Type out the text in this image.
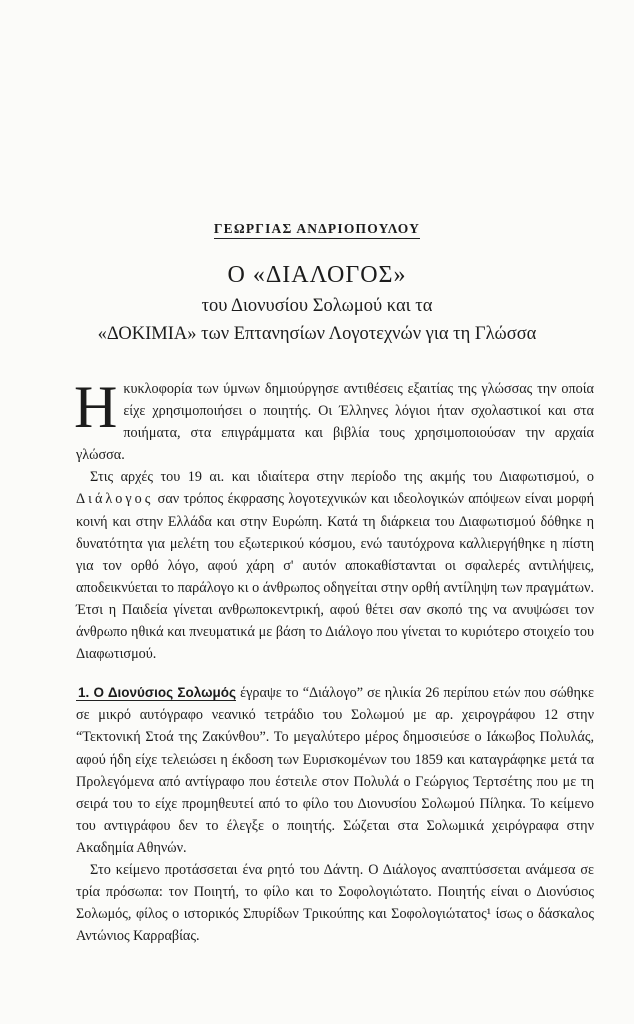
ΓΕΩΡΓΙΑΣ ΑΝΔΡΙΟΠΟΥΛΟΥ
Ο «ΔΙΑΛΟΓΟΣ»
του Διονυσίου Σολωμού και τα
«ΔΟΚΙΜΙΑ» των Επτανησίων Λογοτεχνών για τη Γλώσσα

Ηκυκλοφορία των ύμνων δημιούργησε αντιθέσεις εξαιτίας της γλώσσας την οποία είχε χρησιμοποιήσει ο ποιητής. Οι Έλληνες λόγιοι ήταν σχολαστικοί και στα ποιήματα, στα επιγράμματα και βιβλία τους χρησιμοποιούσαν την αρχαία γλώσσα.

Στις αρχές του 19 αι. και ιδιαίτερα στην περίοδο της ακμής του Διαφωτισμού, ο Διάλογος σαν τρόπος έκφρασης λογοτεχνικών και ιδεολογικών απόψεων είναι μορφή κοινή και στην Ελλάδα και στην Ευρώπη. Κατά τη διάρκεια του Διαφωτισμού δόθηκε η δυνατότητα για μελέτη του εξωτερικού κόσμου, ενώ ταυτόχρονα καλλιεργήθηκε η πίστη για τον ορθό λόγο, αφού χάρη σ' αυτόν αποκαθίστανται οι σφαλερές αντιλήψεις, αποδεικνύεται το παράλογο κι ο άνθρωπος οδηγείται στην ορθή αντίληψη των πραγμάτων. Έτσι η Παιδεία γίνεται ανθρωποκεντρική, αφού θέτει σαν σκοπό της να ανυψώσει τον άνθρωπο ηθικά και πνευματικά με βάση το Διάλογο που γίνεται το κυριότερο στοιχείο του Διαφωτισμού.

1. Ο Διονύσιος Σολωμός έγραψε το “Διάλογο” σε ηλικία 26 περίπου ετών που σώθηκε σε μικρό αυτόγραφο νεανικό τετράδιο του Σολωμού με αρ. χειρογράφου 12 στην “Τεκτονική Στοά της Ζακύνθου”. Το μεγαλύτερο μέρος δημοσιεύσε ο Ιάκωβος Πολυλάς, αφού ήδη είχε τελειώσει η έκδοση των Ευρισκομένων του 1859 και καταγράφηκε μετά τα Προλεγόμενα από αντίγραφο που έστειλε στον Πολυλά ο Γεώργιος Τερτσέτης που με τη σειρά του το είχε προμηθευτεί από το φίλο του Διονυσίου Σολωμού Πίληκα. Το κείμενο του αντιγράφου δεν το έλεγξε ο ποιητής. Σώζεται στα Σολωμικά χειρόγραφα στην Ακαδημία Αθηνών.

Στο κείμενο προτάσσεται ένα ρητό του Δάντη. Ο Διάλογος αναπτύσσεται ανάμεσα σε τρία πρόσωπα: τον Ποιητή, το φίλο και το Σοφολογιώτατο. Ποιητής είναι ο Διονύσιος Σολωμός, φίλος ο ιστορικός Σπυρίδων Τρικούπης και Σοφολογιώτατος¹ ίσως ο δάσκαλος Αντώνιος Καρραβίας.
